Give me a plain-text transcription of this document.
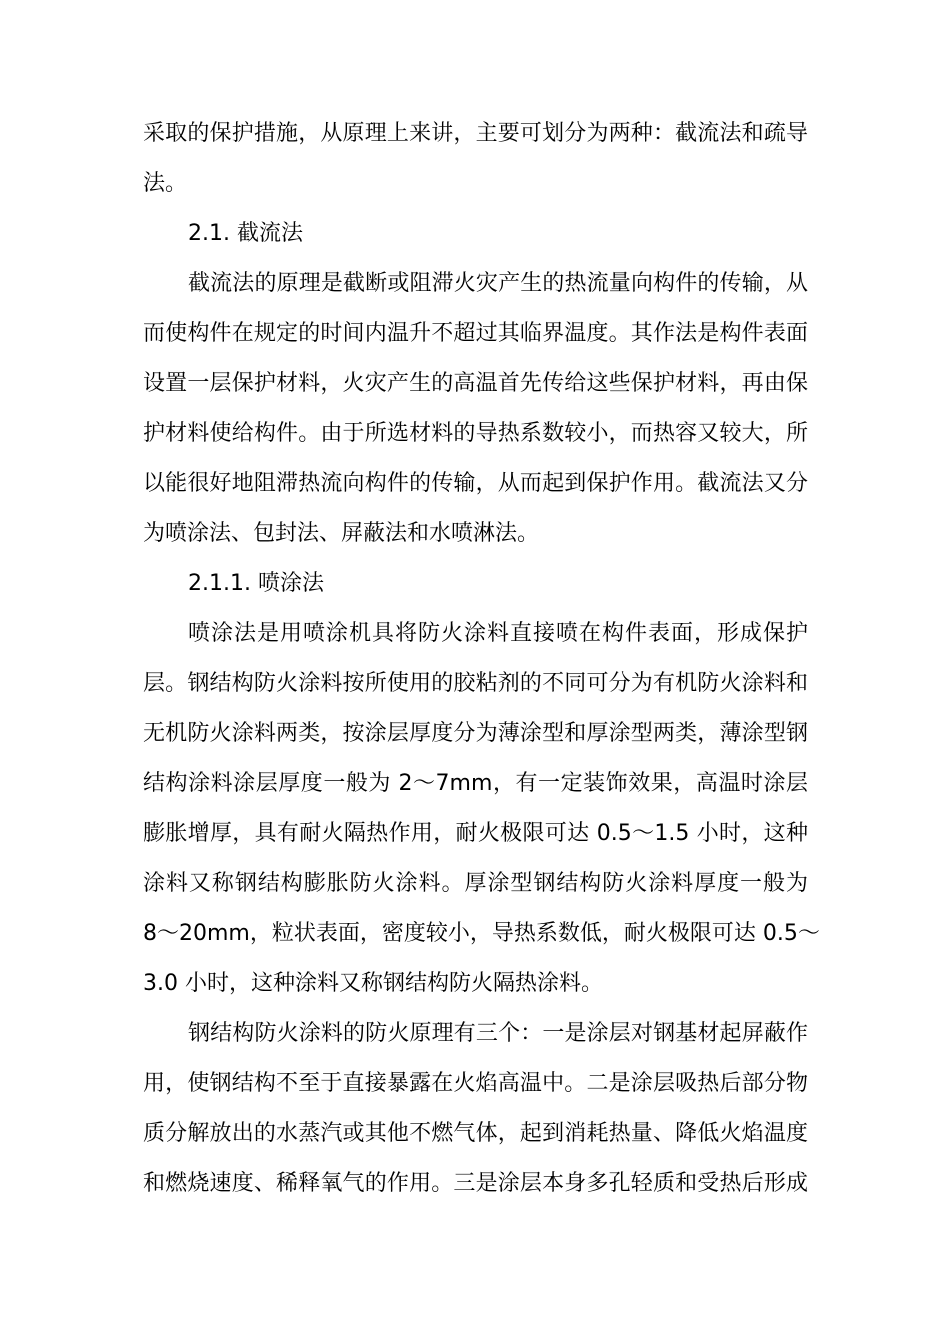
采取的保护措施，从原理上来讲，主要可划分为两种：截流法和疏导
法。
2.1. 截流法
截流法的原理是截断或阻滞火灾产生的热流量向构件的传输，从
而使构件在规定的时间内温升不超过其临界温度。其作法是构件表面
设置一层保护材料，火灾产生的高温首先传给这些保护材料，再由保
护材料使给构件。由于所选材料的导热系数较小，而热容又较大，所
以能很好地阻滞热流向构件的传输，从而起到保护作用。截流法又分
为喷涂法、包封法、屏蔽法和水喷淋法。
2.1.1. 喷涂法
喷涂法是用喷涂机具将防火涂料直接喷在构件表面，形成保护
层。钢结构防火涂料按所使用的胶粘剂的不同可分为有机防火涂料和
无机防火涂料两类，按涂层厚度分为薄涂型和厚涂型两类，薄涂型钢
结构涂料涂层厚度一般为 2～7mm，有一定装饰效果，高温时涂层
膨胀增厚，具有耐火隔热作用，耐火极限可达 0.5～1.5 小时，这种
涂料又称钢结构膨胀防火涂料。厚涂型钢结构防火涂料厚度一般为
8～20mm，粒状表面，密度较小，导热系数低，耐火极限可达 0.5～
3.0 小时，这种涂料又称钢结构防火隔热涂料。
钢结构防火涂料的防火原理有三个：一是涂层对钢基材起屏蔽作
用，使钢结构不至于直接暴露在火焰高温中。二是涂层吸热后部分物
质分解放出的水蒸汽或其他不燃气体，起到消耗热量、降低火焰温度
和燃烧速度、稀释氧气的作用。三是涂层本身多孔轻质和受热后形成
